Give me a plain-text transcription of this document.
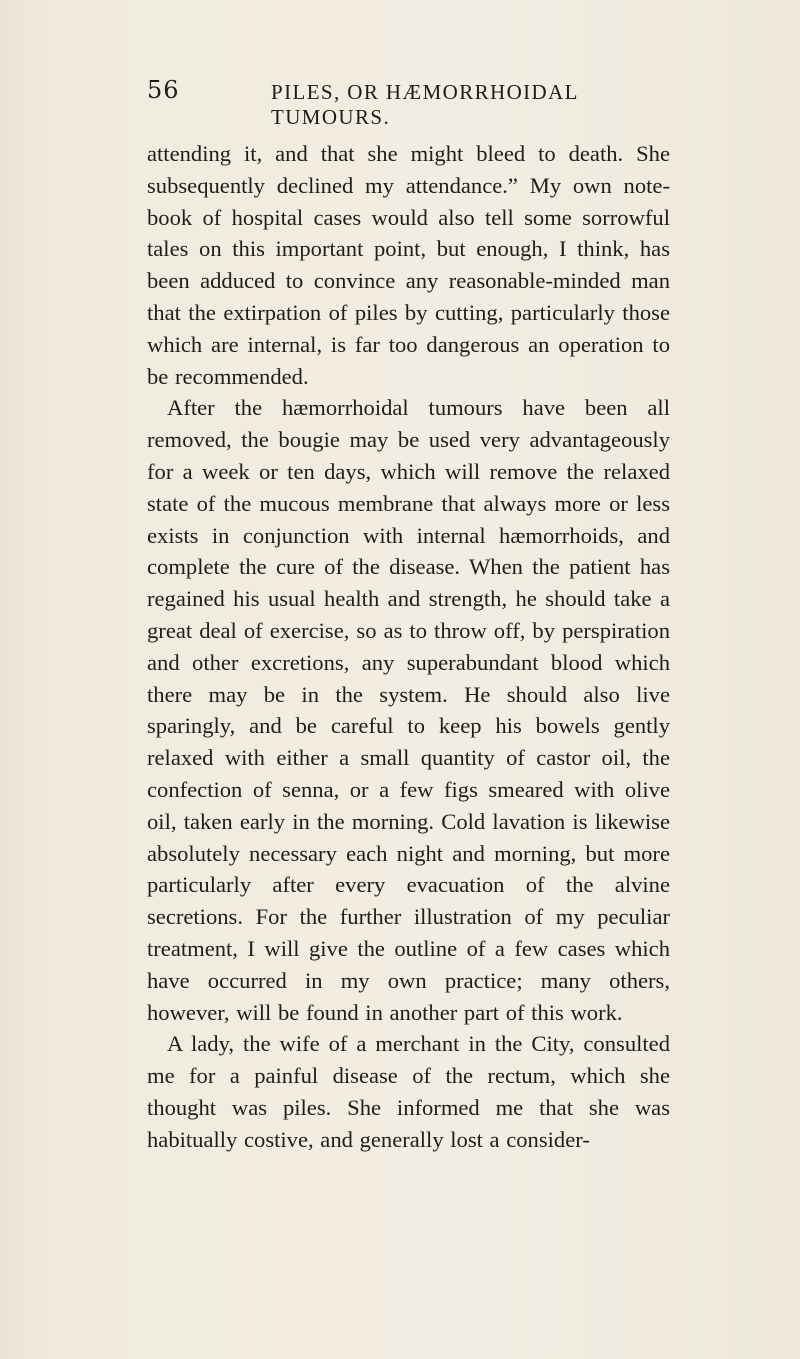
56	PILES, OR HÆMORRHOIDAL TUMOURS.

attending it, and that she might bleed to death. She subsequently declined my attendance.” My own note-book of hospital cases would also tell some sorrowful tales on this important point, but enough, I think, has been adduced to convince any reasonable-minded man that the extirpation of piles by cutting, particularly those which are internal, is far too dangerous an operation to be recommended.

After the hæmorrhoidal tumours have been all removed, the bougie may be used very advantageously for a week or ten days, which will remove the relaxed state of the mucous membrane that always more or less exists in conjunction with internal hæmorrhoids, and complete the cure of the disease. When the patient has regained his usual health and strength, he should take a great deal of exercise, so as to throw off, by perspiration and other excretions, any superabundant blood which there may be in the system. He should also live sparingly, and be careful to keep his bowels gently relaxed with either a small quantity of castor oil, the confection of senna, or a few figs smeared with olive oil, taken early in the morning. Cold lavation is likewise absolutely necessary each night and morning, but more particularly after every evacuation of the alvine secretions. For the further illustration of my peculiar treatment, I will give the outline of a few cases which have occurred in my own practice; many others, however, will be found in another part of this work.

A lady, the wife of a merchant in the City, consulted me for a painful disease of the rectum, which she thought was piles. She informed me that she was habitually costive, and generally lost a consider-
